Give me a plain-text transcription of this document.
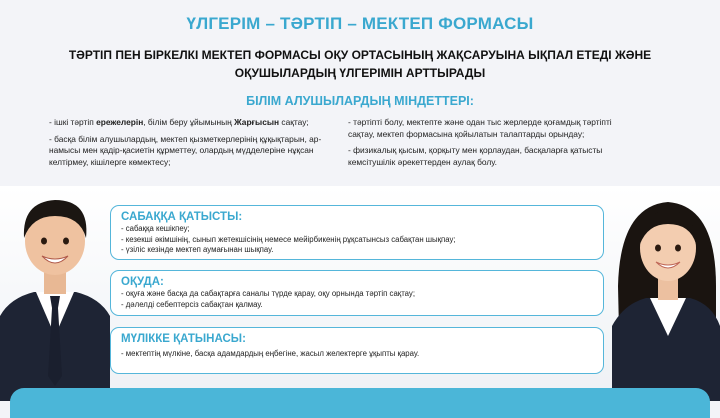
ҮЛГЕРІМ – ТӘРТІП – МЕКТЕП ФОРМАСЫ
ТӘРТІП ПЕН БІРКЕЛКІ МЕКТЕП ФОРМАСЫ ОҚУ ОРТАСЫНЫҢ ЖАҚСАРУЫНА ЫҚПАЛ ЕТЕДІ ЖӘНЕ
ОҚУШЫЛАРДЫҢ ҮЛГЕРІМІН АРТТЫРАДЫ
БІЛІМ АЛУШЫЛАРДЫҢ МІНДЕТТЕРІ:

- ішкі тәртіп ережелерін, білім беру ұйымының Жарғысын сақтау;

- басқа білім алушылардың, мектеп қызметкерлерінің құқықтарын, ар-намысы мен қадір-қасиетін құрметтеу, олардың мүдделеріне нұқсан келтірмеу, кішілерге көмектесу;

- тәртіпті болу, мектепте және одан тыс жерлерде қоғамдық тәртіпті сақтау, мектеп формасына қойылатын талаптарды орындау;

- физикалық қысым, қорқыту мен қорлаудан, басқаларға қатысты кемсітушілік әрекеттерден аулақ болу.

САБАҚҚА ҚАТЫСТЫ:
- сабаққа кешікпеу;
- кезекші әкімшінің, сынып жетекшісінің немесе мейірбикенің рұқсатынсыз сабақтан шықпау;
- үзіліс кезінде мектеп аумағынан шықпау.
ОҚУДА:
- оқуға және басқа да сабақтарға саналы түрде қарау, оқу орнында тәртіп сақтау;
- дәлелді себептерсіз сабақтан қалмау.
МҮЛІККЕ ҚАТЫНАСЫ:
- мектептің мүлкіне, басқа адамдардың еңбегіне, жасыл желектерге ұқыпты қарау.
